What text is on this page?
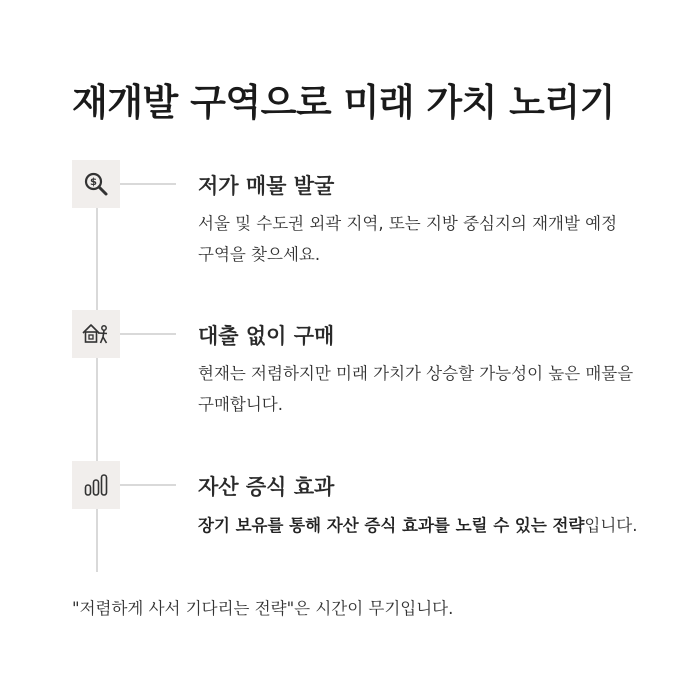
재개발 구역으로 미래 가치 노리기
$	저가 매물 발굴
서울 및 수도권 외곽 지역, 또는 지방 중심지의 재개발 예정 구역을 찾으세요.
대출 없이 구매
현재는 저렴하지만 미래 가치가 상승할 가능성이 높은 매물을 구매합니다.
자산 증식 효과
장기 보유를 통해 자산 증식 효과를 노릴 수 있는 전략입니다.
"저렴하게 사서 기다리는 전략"은 시간이 무기입니다.
